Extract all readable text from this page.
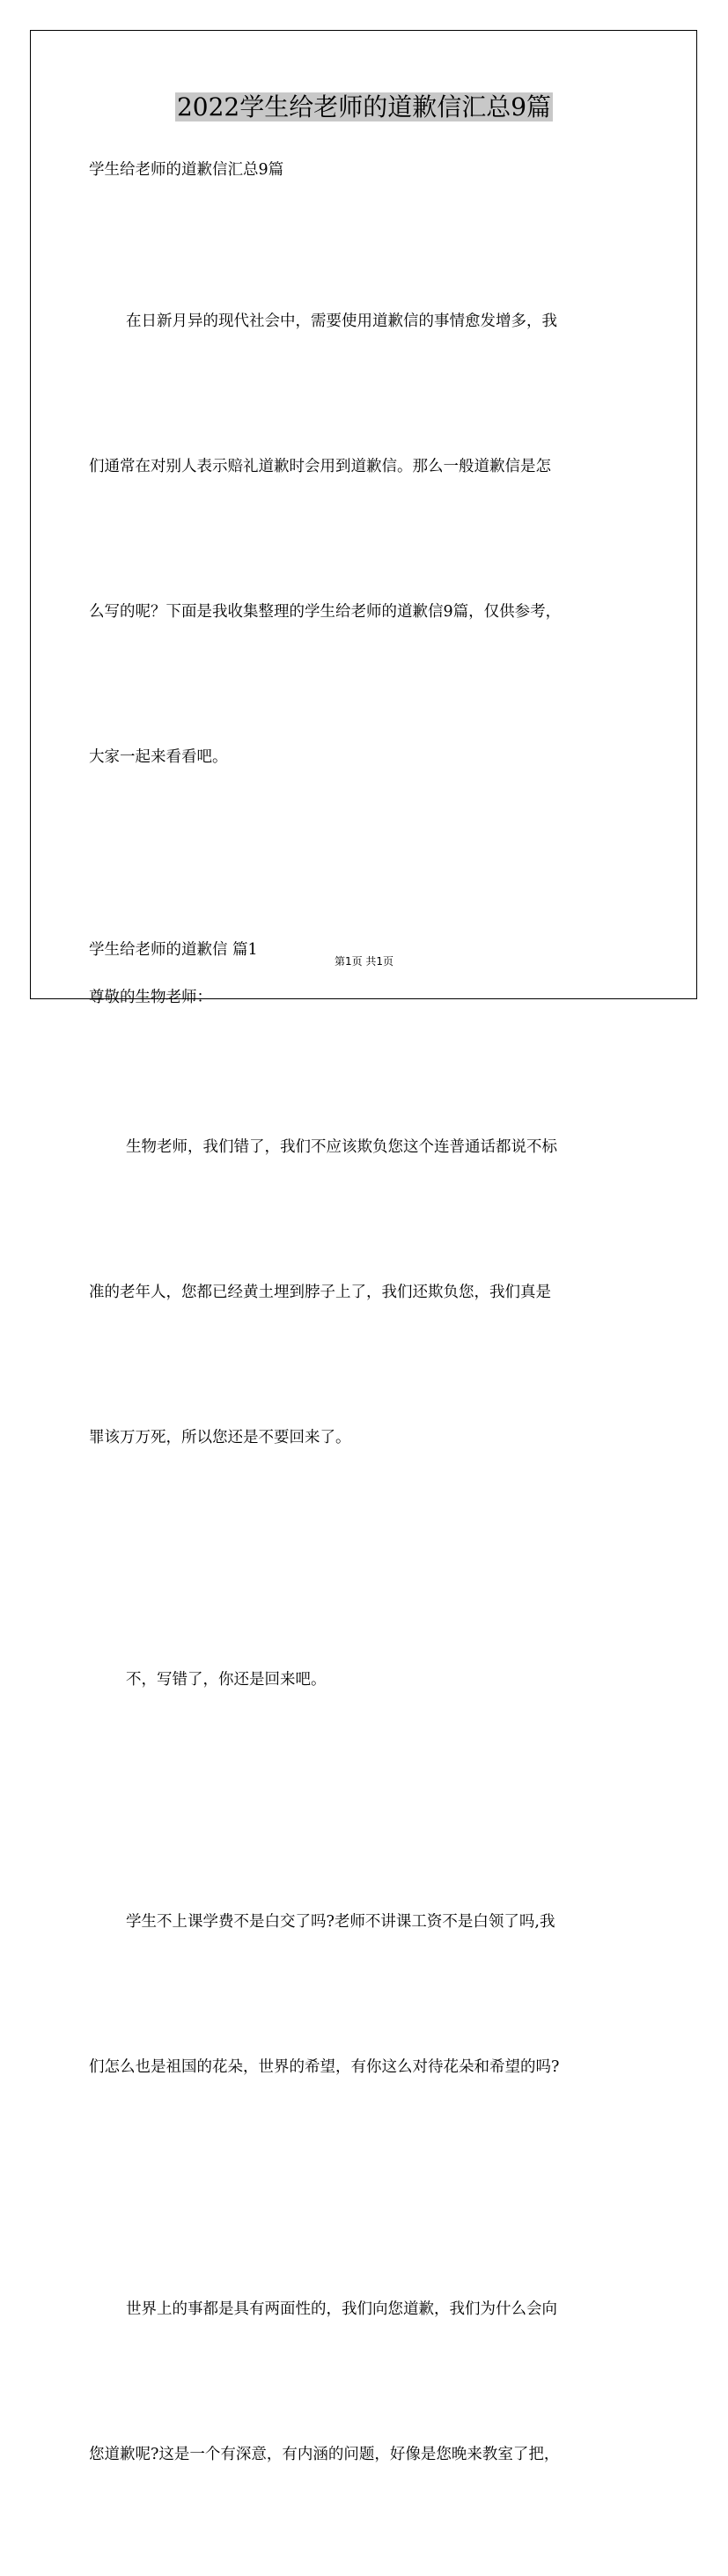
2022学生给老师的道歉信汇总9篇

学生给老师的道歉信汇总9篇

在日新月异的现代社会中，需要使用道歉信的事情愈发增多，我

们通常在对别人表示赔礼道歉时会用到道歉信。那么一般道歉信是怎

么写的呢？下面是我收集整理的学生给老师的道歉信9篇，仅供参考，

大家一起来看看吧。

学生给老师的道歉信 篇1

尊敬的生物老师：

生物老师，我们错了，我们不应该欺负您这个连普通话都说不标

准的老年人，您都已经黄土埋到脖子上了，我们还欺负您，我们真是

罪该万万死，所以您还是不要回来了。

不，写错了，你还是回来吧。

学生不上课学费不是白交了吗?老师不讲课工资不是白领了吗,我

们怎么也是祖国的花朵，世界的希望，有你这么对待花朵和希望的吗?

世界上的事都是具有两面性的，我们向您道歉，我们为什么会向

您道歉呢?这是一个有深意，有内涵的问题，好像是您晚来教室了把，

第1页 共1页
